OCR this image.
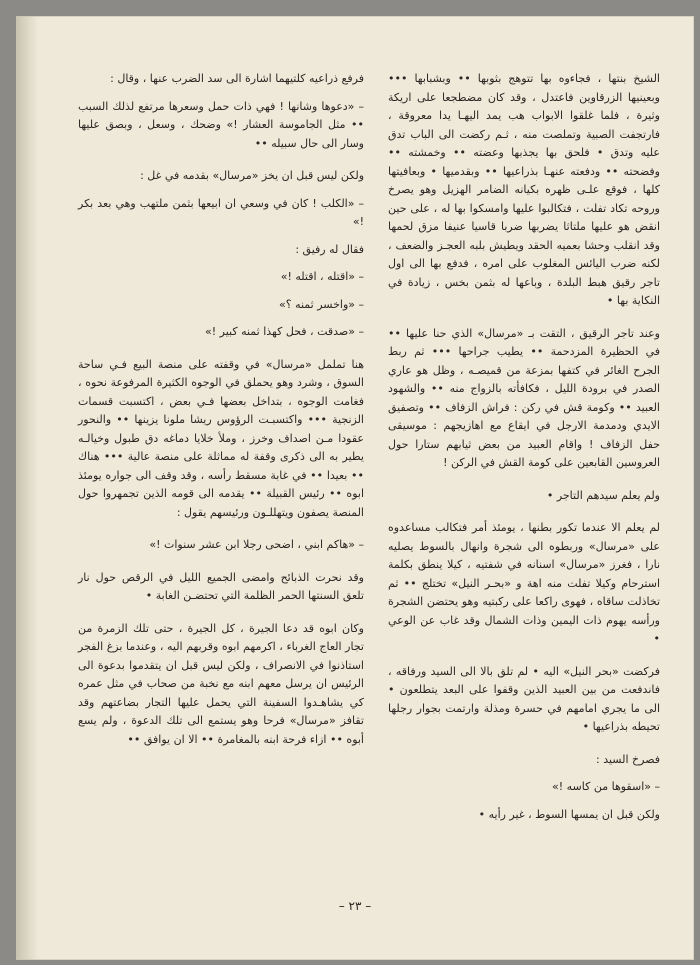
الشيخ بنتها ، فجاءوه بها تتوهج بثوبها •• وبشبابها ••• وبعينيها الزرقاوين فاعتدل ، وقد كان مضطجعا على اريكة وثيرة ، فلما غلقوا الابواب هب يمد اليهـا يدا معروقة ، فارتجفت الصبية وتملصت منه ، ثـم ركضت الى الباب تدق عليه وتدق • فلحق بها يجذبها وعضته •• وخمشته •• وفضحته •• ودفعته عنهـا بذراعيها •• وبقدميها • وبعافيتها كلها ، فوقع علـى ظهره بكيانه الضامر الهزيل وهو يصرخ وروحه تكاد تفلت ، فتكالبوا عليها وامسكوا بها له ، على حين انقض هو عليها ملتاثا يضربها ضربا قاسيا عنيفا مزق لحمها وقد انقلب وحشا بعميه الحقد ويطيش بلبه العجـز والضعف ، لكنه ضرب اليائس المغلوب على امره ، فدفع بها الى اول تاجر رقيق هبط البلدة ، وباعها له بثمن بخس ، زيادة في النكاية بها •

وعند تاجر الرقيق ، التقت بـ «مرسال» الذي حنا عليها •• في الحظيرة المزدحمة •• يطيب جراحها ••• ثم ربط الجرح الغائر في كتفها بمزعة من قميصـه ، وظل هو عاري الصدر في برودة الليل ، فكافأته بالزواج منه •• والشهود العبيد •• وكومة قش في ركن : فراش الزفاف •• وتصفيق الايدي ودمدمة الارجل في ايقاع مع اهازيجهم : موسيقى حفل الزفاف ! واقام العبيد من بعض ثيابهم ستارا حول العروسين القابعين على كومة القش في الركن !

ولم يعلم سيدهم التاجر •

لم يعلم الا عندما تكور بطنها ، يومئذ أمر فتكالب مساعدوه على «مرسال» وربطوه الى شجرة وانهال بالسوط يصليه نارا ، فغرز «مرسال» اسنانه في شفتيه ، كيلا ينطق بكلمة استرحام وكيلا تفلت منه اهة و «بحـر النيل» تختلج •• ثم تخاذلت ساقاه ، فهوى راكعا على ركبتيه وهو يحتضن الشجرة ورأسه يهوم ذات اليمين وذات الشمال وقد غاب عن الوعي •

فركضت «بحر النيل» اليه • لم تلق بالا الى السيد ورفاقه ، فاندفعت من بين العبيد الذين وقفوا على البعد يتطلعون • الى ما يجري امامهم في حسرة ومذلة وارتمت بجوار رجلها تحيطه بذراعيها •

فصرخ السيد :

– «اسقوها من كاسه !»

ولكن قبل ان يمسها السوط ، غير رأيه •

فرفع ذراعيه كلتيهما اشارة الى سد الضرب عنها ، وقال :

– «دعوها وشانها ! فهي ذات حمل وسعرها مرتفع لذلك السبب •• مثل الجاموسة العشار !» وضحك ، وسعل ، وبصق عليها وسار الى حال سبيله ••

ولكن ليس قبل ان يخز «مرسال» بقدمه في غل :

– «الكلب ! كان في وسعي ان ابيعها بثمن ملتهب وهي بعد بكر !»

فقال له رفيق :

– «اقتله ، اقتله !»

– «واخسر ثمنه ؟»

– «صدقت ، فحل كهذا ثمنه كبير !»

هنا تململ «مرسال» في وقفته على منصة البيع فـي ساحة السوق ، وشرد وهو يحملق في الوجوه الكثيرة المرفوعة نحوه ، فغامت الوجوه ، بتداخل بعضها فـي بعض ، اكتسبت قسمات الزنجية ••• واكتسبـت الرؤوس ريشا ملونا يزينها •• والنحور عقودا مـن اصداف وخرز ، وملأ خلايا دماغه دق طبول وخيالـه يطير به الى ذكرى وقفة له مماثلة على منصة عالية ••• هناك •• بعيدا •• في غابة مسقط رأسه ، وقد وقف الى جواره يومئذ ابوه •• رئيس القبيلة •• يقدمه الى قومه الذين تجمهروا حول المنصة يصفون ويتهللـون ورئيسهم يقول :

– «هاكم ابني ، اضحى رجلا ابن عشر سنوات !»

وقد نحرت الذبائح وامضى الجميع الليل في الرقص حول نار تلعق السنتها الحمر الظلمة التي تحتضـن الغابة •

وكان ابوه قد دعا الجيرة ، كل الجيرة ، حتى تلك الزمرة من تجار العاج الغرباء ، اكرمهم ابوه وقربهم اليه ، وعندما بزغ الفجر استاذنوا في الانصراف ، ولكن ليس قبل ان يتقدموا بدعوة الى الرئيس ان يرسل معهم ابنه مع نخبة من صحاب في مثل عمره كي يشاهـدوا السفينة التي يحمل عليها التجار بضاعتهم وقد تقافز «مرسال» فرحا وهو يستمع الى تلك الدعوة ، ولم يسع أبوه •• ازاء فرحة ابنه بالمغامرة •• الا ان يوافق ••

– ٢٣ –
